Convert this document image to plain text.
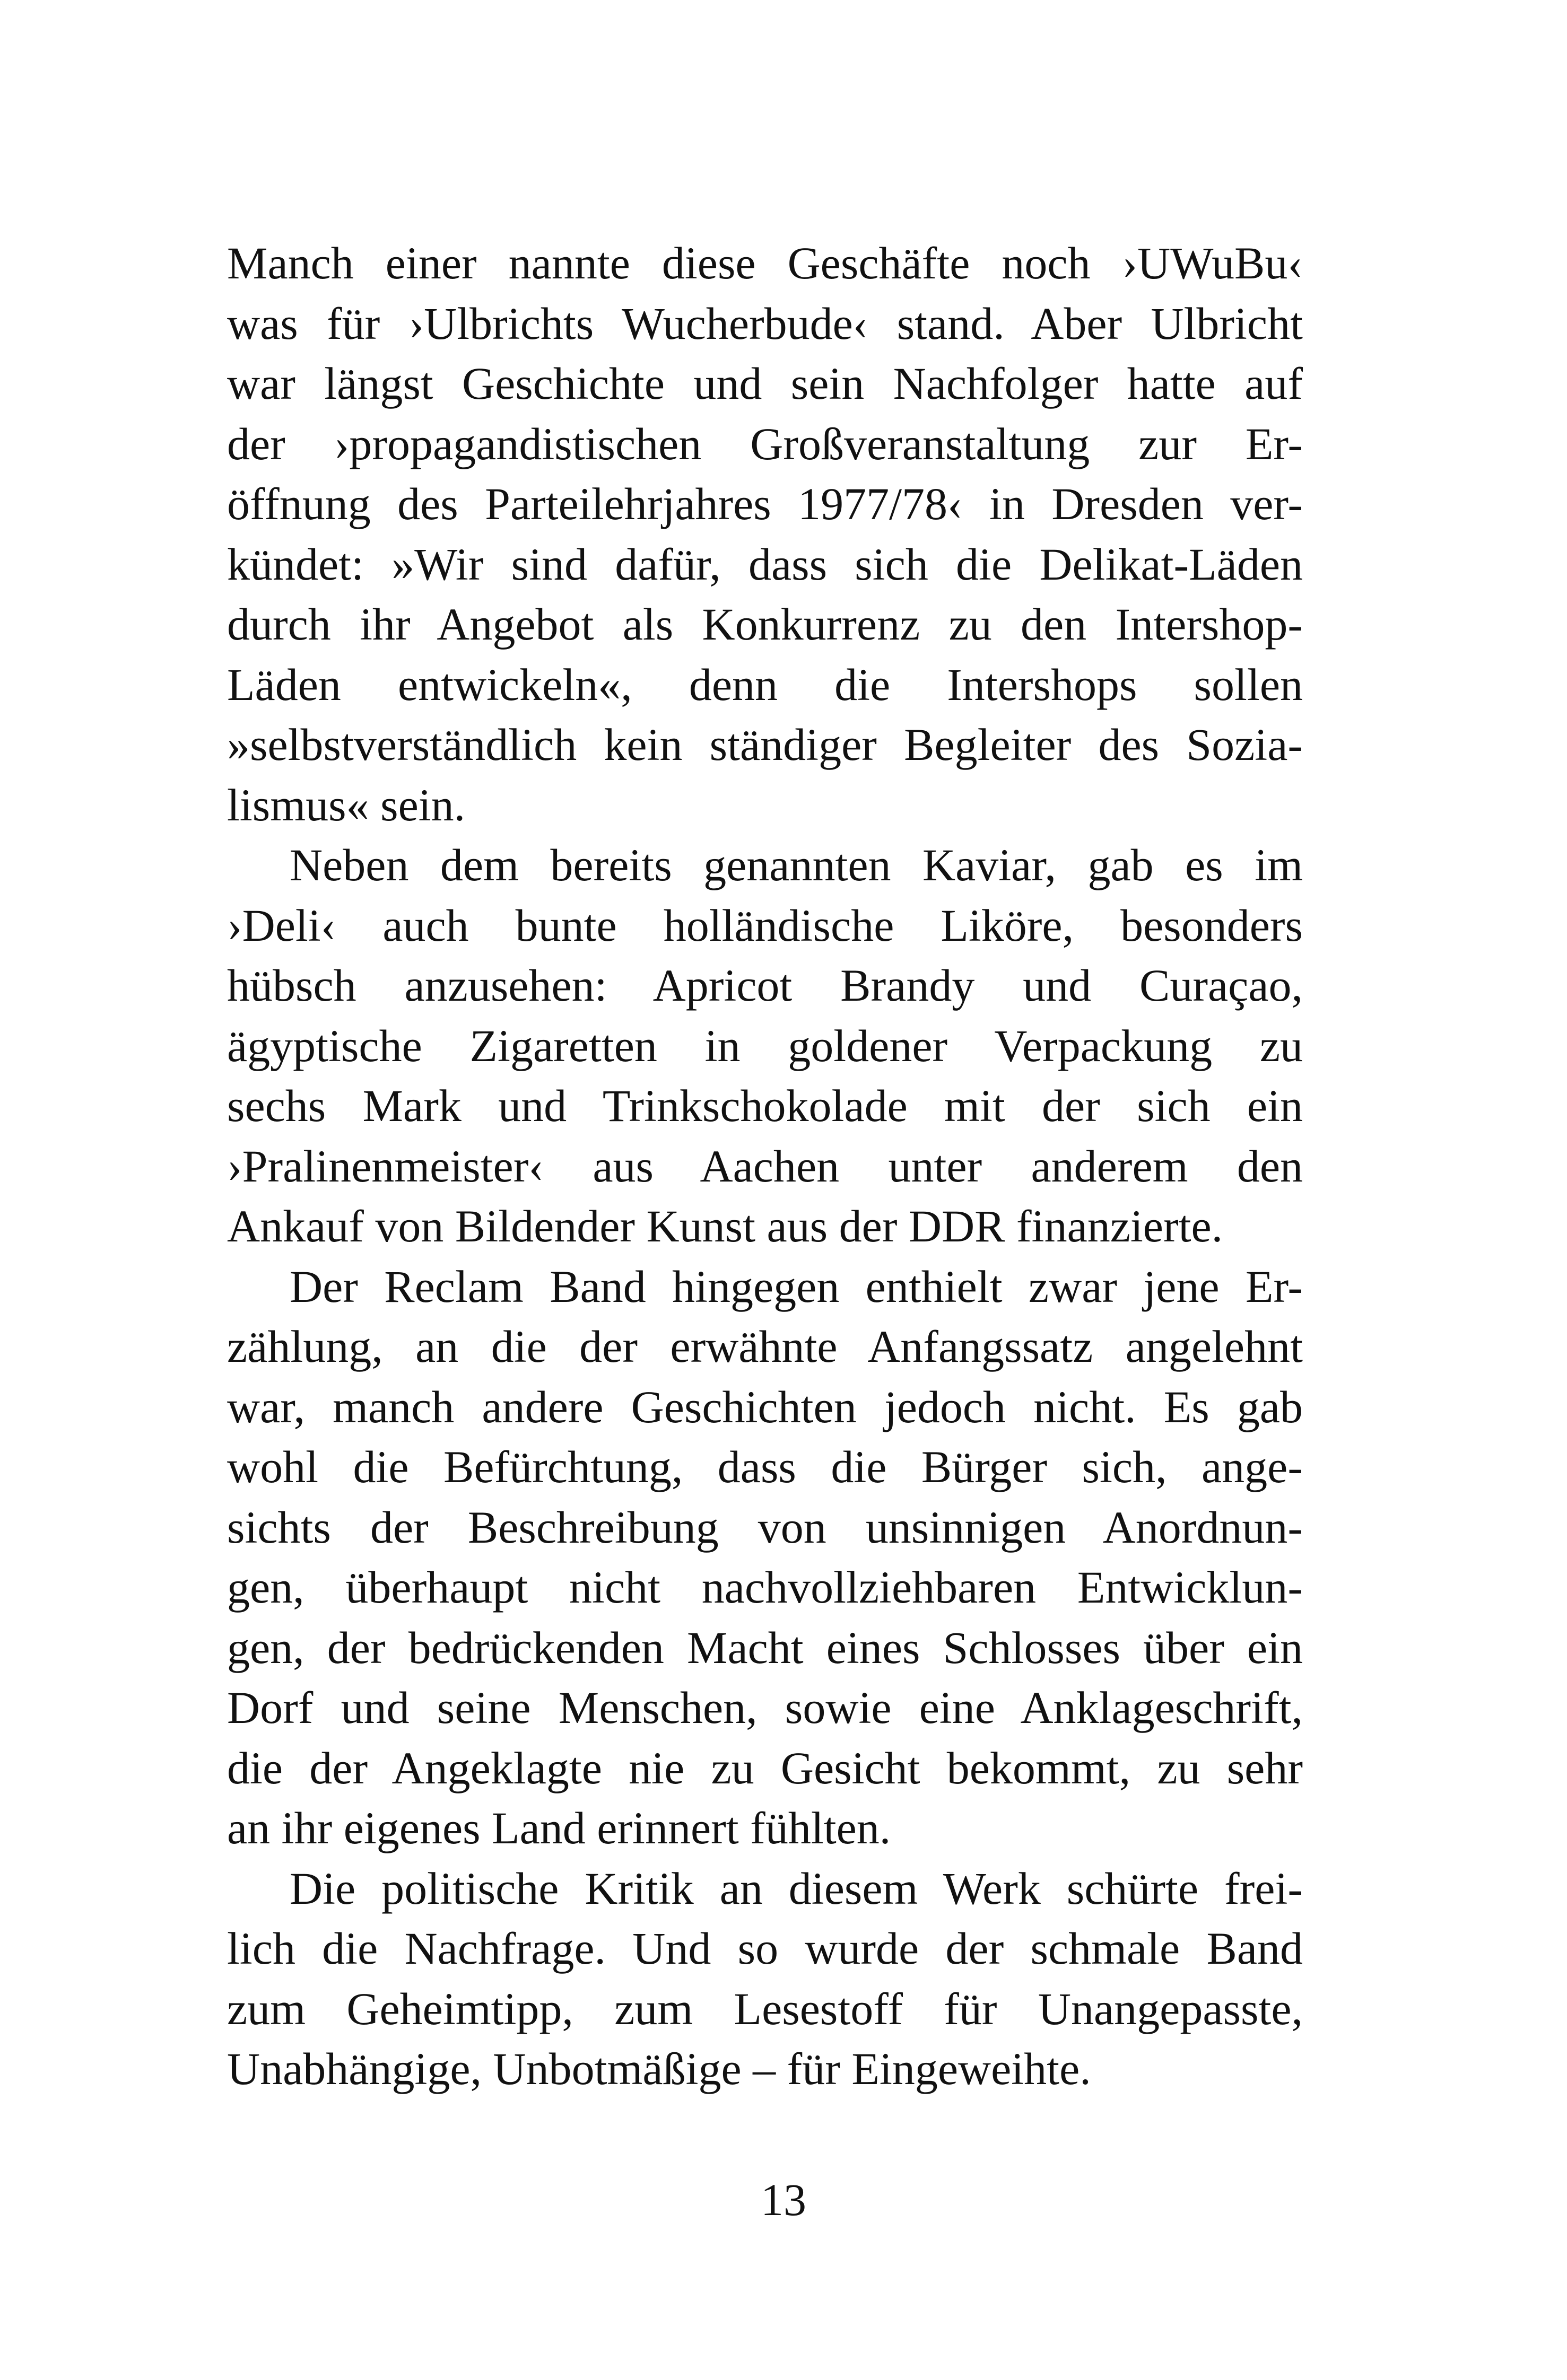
Manch einer nannte diese Geschäfte noch ›UWuBu‹
was für ›Ulbrichts Wucherbude‹ stand. Aber Ulbricht
war längst Geschichte und sein Nachfolger hatte auf
der ›propagandistischen Großveranstaltung zur Er-
öffnung des Parteilehrjahres 1977/78‹ in Dresden ver-
kündet: »Wir sind dafür, dass sich die Delikat-Läden
durch ihr Angebot als Konkurrenz zu den Intershop-
Läden entwickeln«, denn die Intershops sollen
»selbstverständlich kein ständiger Begleiter des Sozia-
lismus« sein.
Neben dem bereits genannten Kaviar, gab es im
›Deli‹ auch bunte holländische Liköre, besonders
hübsch anzusehen: Apricot Brandy und Curaçao,
ägyptische Zigaretten in goldener Verpackung zu
sechs Mark und Trinkschokolade mit der sich ein
›Pralinenmeister‹ aus Aachen unter anderem den
Ankauf von Bildender Kunst aus der DDR finanzierte.
Der Reclam Band hingegen enthielt zwar jene Er-
zählung, an die der erwähnte Anfangssatz angelehnt
war, manch andere Geschichten jedoch nicht. Es gab
wohl die Befürchtung, dass die Bürger sich, ange-
sichts der Beschreibung von unsinnigen Anordnun-
gen, überhaupt nicht nachvollziehbaren Entwicklun-
gen, der bedrückenden Macht eines Schlosses über ein
Dorf und seine Menschen, sowie eine Anklageschrift,
die der Angeklagte nie zu Gesicht bekommt, zu sehr
an ihr eigenes Land erinnert fühlten.
Die politische Kritik an diesem Werk schürte frei-
lich die Nachfrage. Und so wurde der schmale Band
zum Geheimtipp, zum Lesestoff für Unangepasste,
Unabhängige, Unbotmäßige – für Eingeweihte.
13
